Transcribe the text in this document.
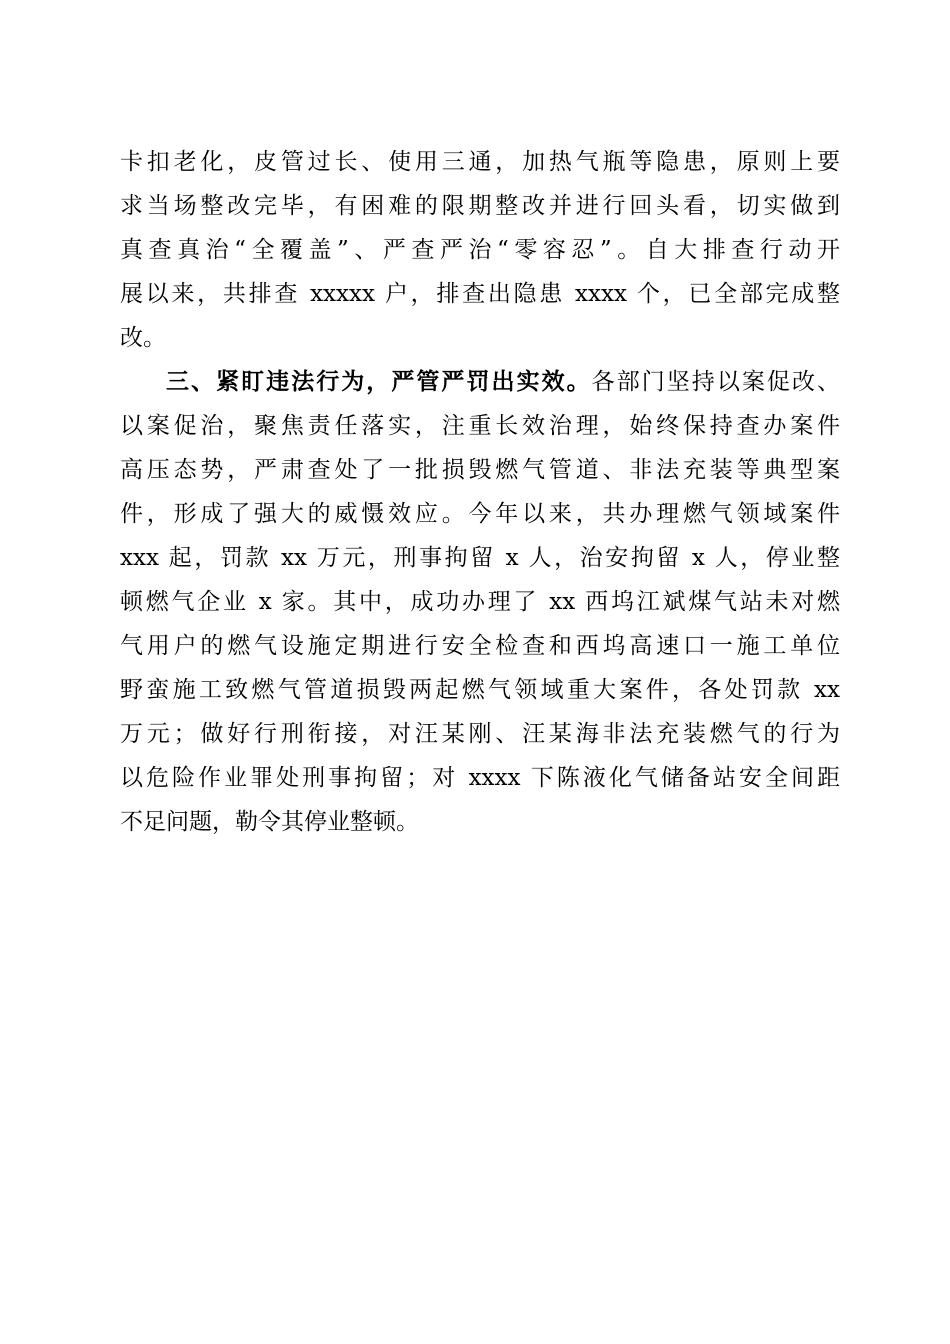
卡扣老化，皮管过长、使用三通，加热气瓶等隐患，原则上要
求当场整改完毕，有困难的限期整改并进行回头看，切实做到
真查真治“全覆盖”、严查严治“零容忍”。自大排查行动开
展以来，共排查 xxxxx 户，排查出隐患 xxxx 个，已全部完成整
改。
三、紧盯违法行为，严管严罚出实效。各部门坚持以案促改、
以案促治，聚焦责任落实，注重长效治理，始终保持查办案件
高压态势，严肃查处了一批损毁燃气管道、非法充装等典型案
件，形成了强大的威慑效应。今年以来，共办理燃气领域案件
xxx 起，罚款 xx 万元，刑事拘留 x 人，治安拘留 x 人，停业整
顿燃气企业 x 家。其中，成功办理了 xx 西坞江斌煤气站未对燃
气用户的燃气设施定期进行安全检查和西坞高速口一施工单位
野蛮施工致燃气管道损毁两起燃气领域重大案件，各处罚款 xx
万元；做好行刑衔接，对汪某刚、汪某海非法充装燃气的行为
以危险作业罪处刑事拘留；对 xxxx 下陈液化气储备站安全间距
不足问题，勒令其停业整顿。
